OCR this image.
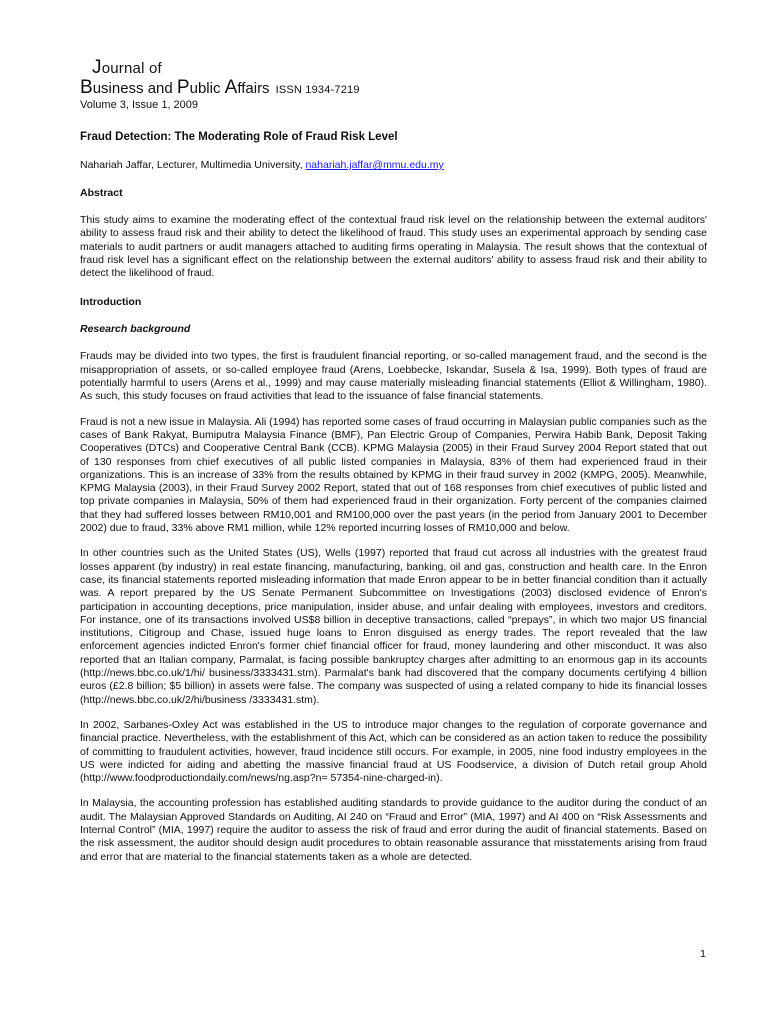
Journal of
Business and Public Affairs ISSN 1934-7219
Volume 3, Issue 1, 2009
Fraud Detection: The Moderating Role of Fraud Risk Level
Nahariah Jaffar, Lecturer, Multimedia University, nahariah.jaffar@mmu.edu.my
Abstract

This study aims to examine the moderating effect of the contextual fraud risk level on the relationship between the external auditors' ability to assess fraud risk and their ability to detect the likelihood of fraud. This study uses an experimental approach by sending case materials to audit partners or audit managers attached to auditing firms operating in Malaysia. The result shows that the contextual of fraud risk level has a significant effect on the relationship between the external auditors' ability to assess fraud risk and their ability to detect the likelihood of fraud.

Introduction
Research background

Frauds may be divided into two types, the first is fraudulent financial reporting, or so-called management fraud, and the second is the misappropriation of assets, or so-called employee fraud (Arens, Loebbecke, Iskandar, Susela & Isa, 1999). Both types of fraud are potentially harmful to users (Arens et al., 1999) and may cause materially misleading financial statements (Elliot & Willingham, 1980). As such, this study focuses on fraud activities that lead to the issuance of false financial statements.

Fraud is not a new issue in Malaysia. Ali (1994) has reported some cases of fraud occurring in Malaysian public companies such as the cases of Bank Rakyat, Bumiputra Malaysia Finance (BMF), Pan Electric Group of Companies, Perwira Habib Bank, Deposit Taking Cooperatives (DTCs) and Cooperative Central Bank (CCB). KPMG Malaysia (2005) in their Fraud Survey 2004 Report stated that out of 130 responses from chief executives of all public listed companies in Malaysia, 83% of them had experienced fraud in their organizations. This is an increase of 33% from the results obtained by KPMG in their fraud survey in 2002 (KMPG, 2005). Meanwhile, KPMG Malaysia (2003), in their Fraud Survey 2002 Report, stated that out of 168 responses from chief executives of public listed and top private companies in Malaysia, 50% of them had experienced fraud in their organization. Forty percent of the companies claimed that they had suffered losses between RM10,001 and RM100,000 over the past years (in the period from January 2001 to December 2002) due to fraud, 33% above RM1 million, while 12% reported incurring losses of RM10,000 and below.

In other countries such as the United States (US), Wells (1997) reported that fraud cut across all industries with the greatest fraud losses apparent (by industry) in real estate financing, manufacturing, banking, oil and gas, construction and health care. In the Enron case, its financial statements reported misleading information that made Enron appear to be in better financial condition than it actually was. A report prepared by the US Senate Permanent Subcommittee on Investigations (2003) disclosed evidence of Enron's participation in accounting deceptions, price manipulation, insider abuse, and unfair dealing with employees, investors and creditors. For instance, one of its transactions involved US$8 billion in deceptive transactions, called “prepays”, in which two major US financial institutions, Citigroup and Chase, issued huge loans to Enron disguised as energy trades. The report revealed that the law enforcement agencies indicted Enron's former chief financial officer for fraud, money laundering and other misconduct. It was also reported that an Italian company, Parmalat, is facing possible bankruptcy charges after admitting to an enormous gap in its accounts (http://news.bbc.co.uk/1/hi/ business/3333431.stm). Parmalat's bank had discovered that the company documents certifying 4 billion euros (£2.8 billion; $5 billion) in assets were false. The company was suspected of using a related company to hide its financial losses (http://news.bbc.co.uk/2/hi/business /3333431.stm).

In 2002, Sarbanes-Oxley Act was established in the US to introduce major changes to the regulation of corporate governance and financial practice. Nevertheless, with the establishment of this Act, which can be considered as an action taken to reduce the possibility of committing to fraudulent activities, however, fraud incidence still occurs. For example, in 2005, nine food industry employees in the US were indicted for aiding and abetting the massive financial fraud at US Foodservice, a division of Dutch retail group Ahold (http://www.foodproductiondaily.com/news/ng.asp?n= 57354-nine-charged-in).

In Malaysia, the accounting profession has established auditing standards to provide guidance to the auditor during the conduct of an audit. The Malaysian Approved Standards on Auditing, AI 240 on “Fraud and Error” (MIA, 1997) and AI 400 on “Risk Assessments and Internal Control” (MIA, 1997) require the auditor to assess the risk of fraud and error during the audit of financial statements. Based on the risk assessment, the auditor should design audit procedures to obtain reasonable assurance that misstatements arising from fraud and error that are material to the financial statements taken as a whole are detected.

1
